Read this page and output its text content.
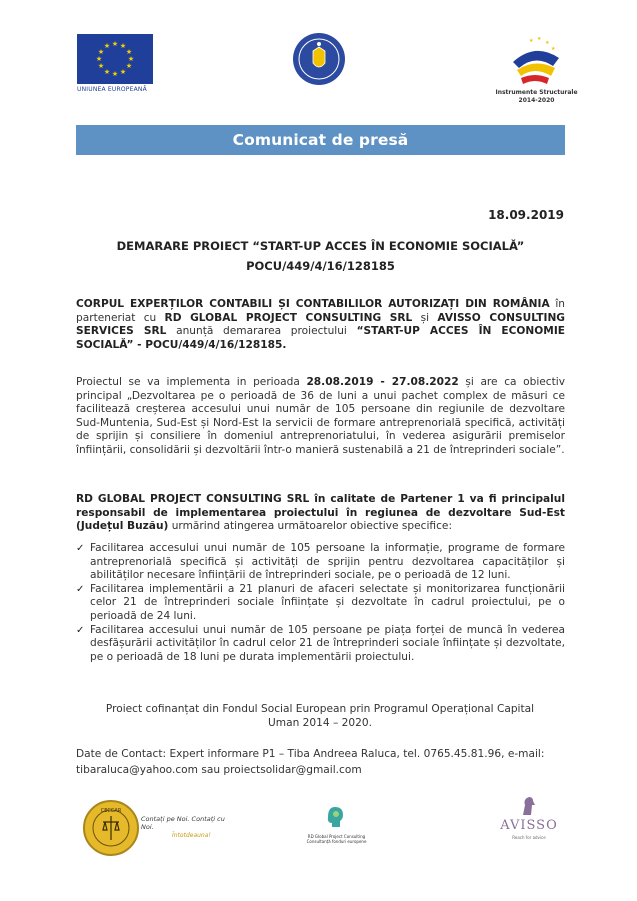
★ ★
★
★
★
★
★
★
★
★
★
★
UNIUNEA EUROPEANĂ
★ ★
★
★
Instrumente Structurale
2014-2020
Comunicat de presă
18.09.2019
DEMARARE PROIECT “START-UP ACCES ÎN ECONOMIE SOCIALĂ”
POCU/449/4/16/128185
CORPUL EXPERȚILOR CONTABILI ȘI CONTABILILOR AUTORIZAȚI DIN ROMÂNIA în parteneriat cu RD GLOBAL PROJECT CONSULTING SRL și AVISSO CONSULTING SERVICES SRL anunță demararea proiectului “START-UP ACCES ÎN ECONOMIE SOCIALĂ” - POCU/449/4/16/128185.
Proiectul se va implementa in perioada 28.08.2019 - 27.08.2022 și are ca obiectiv principal „Dezvoltarea pe o perioadă de 36 de luni a unui pachet complex de măsuri ce facilitează creșterea accesului unui număr de 105 persoane din regiunile de dezvoltare Sud-Muntenia, Sud-Est și Nord-Est la servicii de formare antreprenorială specifică, activități de sprijin și consiliere în domeniul antreprenoriatului, în vederea asigurării premiselor înființării, consolidării și dezvoltării într-o manieră sustenabilă a 21 de întreprinderi sociale”.
RD GLOBAL PROJECT CONSULTING SRL în calitate de Partener 1 va fi principalul responsabil de implementarea proiectului în regiunea de dezvoltare Sud-Est (Județul Buzău) urmărind atingerea următoarelor obiective specifice:
✓ Facilitarea accesului unui număr de 105 persoane la informație, programe de formare antreprenorială specifică și activități de sprijin pentru dezvoltarea capacităților și abilităților necesare înființării de întreprinderi sociale, pe o perioadă de 12 luni.
✓ Facilitarea implementării a 21 planuri de afaceri selectate și monitorizarea funcționării celor 21 de întreprinderi sociale înființate și dezvoltate în cadrul proiectului, pe o perioadă de 24 luni.
✓ Facilitarea accesului unui număr de 105 persoane pe piața forței de muncă în vederea desfășurării activităților în cadrul celor 21 de întreprinderi sociale înființate și dezvoltate, pe o perioadă de 18 luni pe durata implementării proiectului.
Proiect cofinanțat din Fondul Social European prin Programul Operațional Capital Uman 2014 – 2020.
Date de Contact: Expert informare P1 – Tiba Andreea Raluca, tel. 0765.45.81.96, e-mail: tibaraluca@yahoo.com sau proiectsolidar@gmail.com
CECCAR
Contați pe Noi. Contați cu Noi.
Întotdeauna!	RD Global Project Consulting
Consultanță fonduri europene
AVISSO
Reach for advice
